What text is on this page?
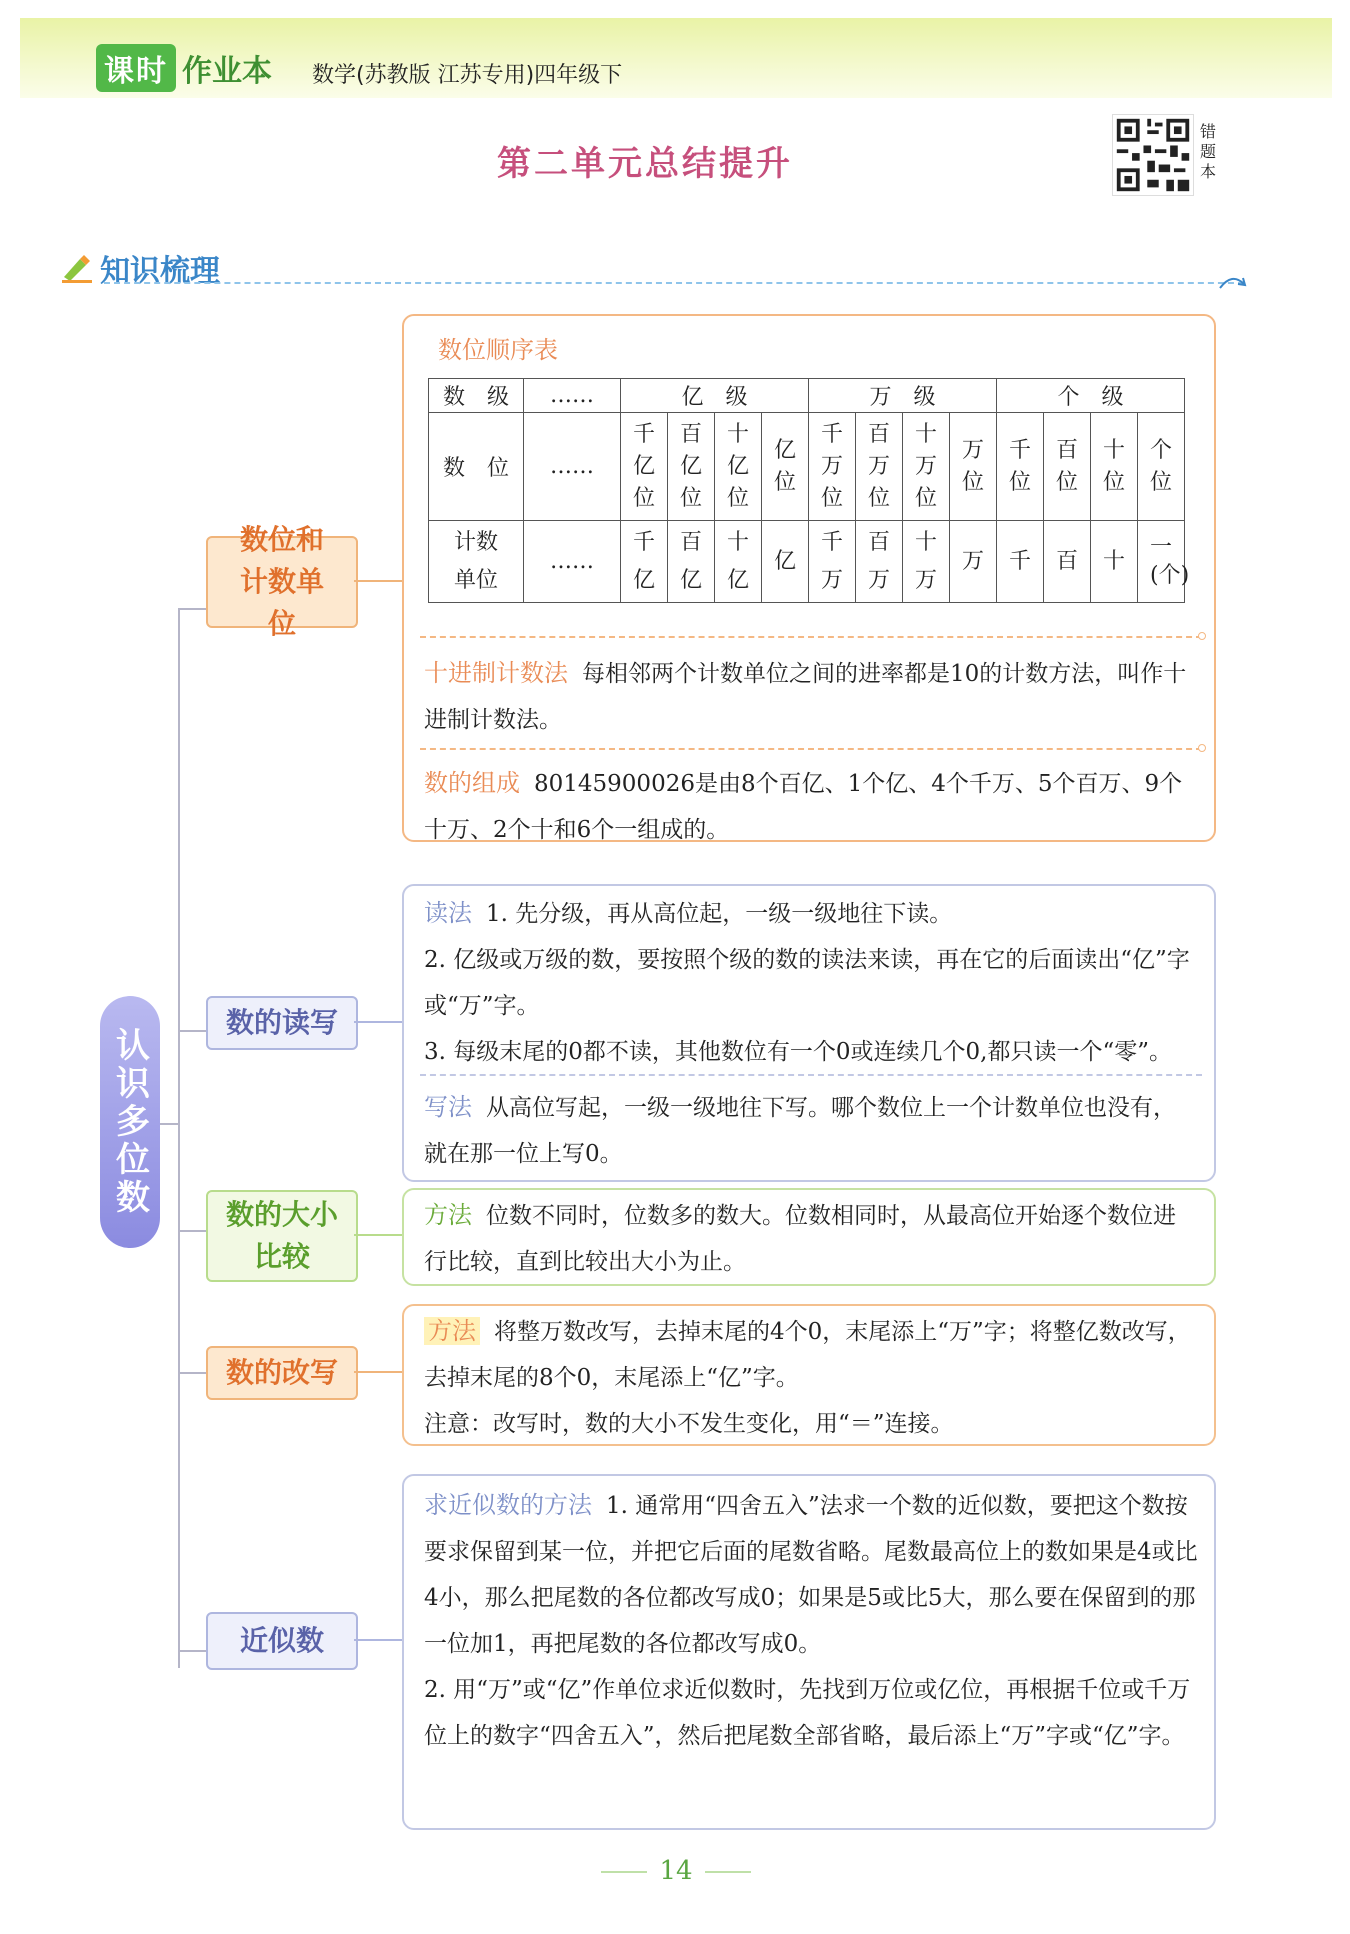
课时 作业本 数学(苏教版 江苏专用)四年级下
第二单元总结提升
错题本
知识梳理
认识多位数
数位和计数单位
数的读写
数的大小比较
数的改写
近似数
数位顺序表
数　级	……	亿　级				万　级				个　级			
数　位	……	千亿位	百亿位	十亿位	亿位	千万位	百万位	十万位	万位	千位	百位	十位	个位
计数单位	……	千亿	百亿	十亿	亿	千万	百万	十万	万	千	百	十	一(个)
十进制计数法 每相邻两个计数单位之间的进率都是10的计数方法，叫作十进制计数法。
数的组成 80145900026是由8个百亿、1个亿、4个千万、5个百万、9个十万、2个十和6个一组成的。
读法 1. 先分级，再从高位起，一级一级地往下读。
2. 亿级或万级的数，要按照个级的数的读法来读，再在它的后面读出“亿”字或“万”字。
3. 每级末尾的0都不读，其他数位有一个0或连续几个0,都只读一个“零”。
写法 从高位写起，一级一级地往下写。哪个数位上一个计数单位也没有，就在那一位上写0。
方法 位数不同时，位数多的数大。位数相同时，从最高位开始逐个数位进行比较，直到比较出大小为止。
方法 将整万数改写，去掉末尾的4个0，末尾添上“万”字；将整亿数改写，去掉末尾的8个0，末尾添上“亿”字。
注意：改写时，数的大小不发生变化，用“＝”连接。
求近似数的方法 1. 通常用“四舍五入”法求一个数的近似数，要把这个数按要求保留到某一位，并把它后面的尾数省略。尾数最高位上的数如果是4或比4小，那么把尾数的各位都改写成0；如果是5或比5大，那么要在保留到的那一位加1，再把尾数的各位都改写成0。
2. 用“万”或“亿”作单位求近似数时，先找到万位或亿位，再根据千位或千万位上的数字“四舍五入”，然后把尾数全部省略，最后添上“万”字或“亿”字。
14
